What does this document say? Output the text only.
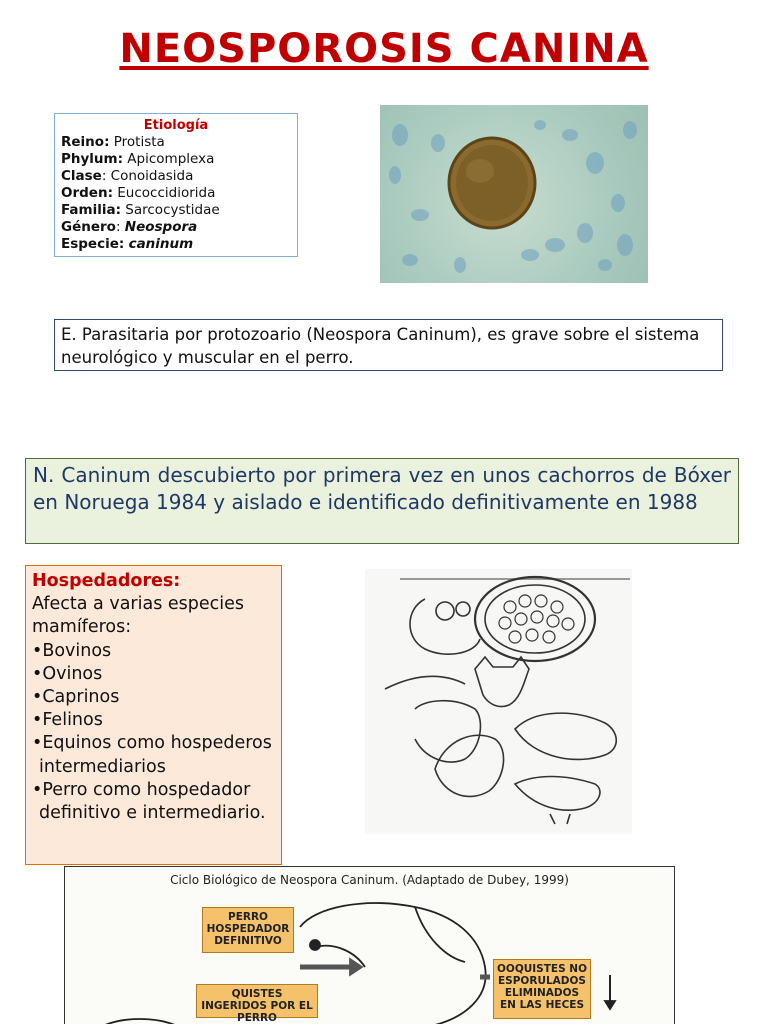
NEOSPOROSIS CANINA
Etiología
Reino: Protista
Phylum: Apicomplexa
Clase: Conoidasida
Orden: Eucoccidiorida
Familia: Sarcocystidae
Género: Neospora
Especie: caninum
E. Parasitaria por protozoario (Neospora Caninum), es grave sobre el sistema neurológico y muscular en el perro.
N. Caninum descubierto por primera vez en unos cachorros de Bóxer en Noruega 1984 y aislado e identificado definitivamente en 1988
Hospedadores:
Afecta a varias especies mamíferos:
• Bovinos
• Ovinos
• Caprinos
• Felinos
• Equinos como hospederos intermediarios
• Perro como hospedador definitivo e intermediario.
Ciclo Biológico de Neospora Caninum. (Adaptado de Dubey, 1999)
PERRO HOSPEDADOR DEFINITIVO
QUISTES INGERIDOS POR EL PERRO
OOQUISTES NO ESPORULADOS ELIMINADOS EN LAS HECES
